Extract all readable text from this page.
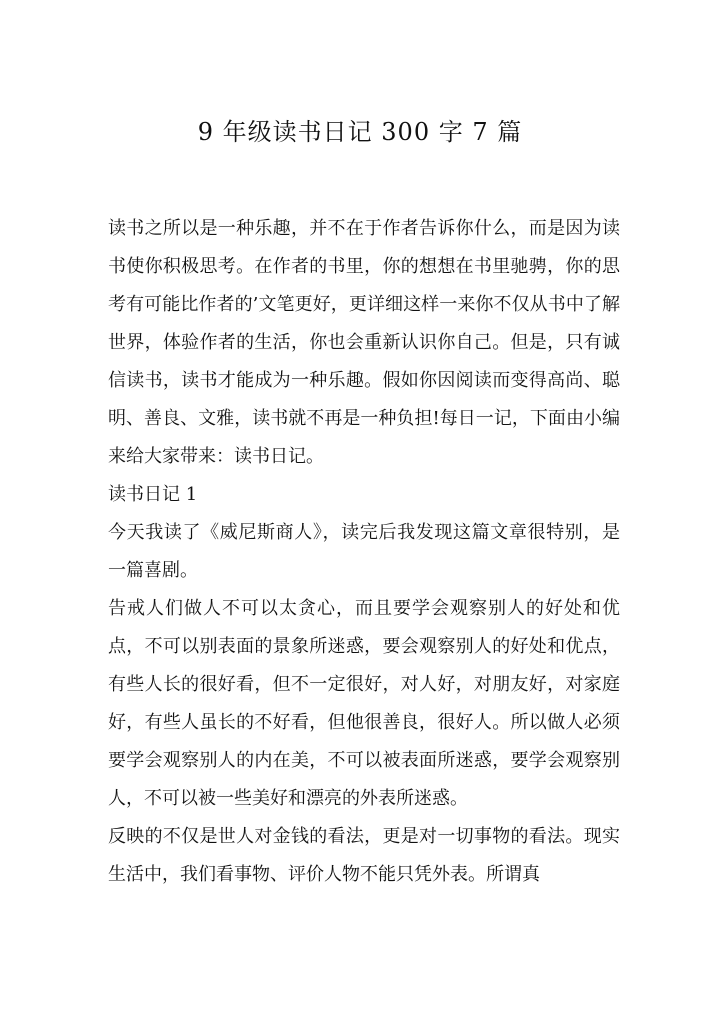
9 年级读书日记 300 字 7 篇

读书之所以是一种乐趣，并不在于作者告诉你什么，而是因为读书使你积极思考。在作者的书里，你的想想在书里驰骋，你的思考有可能比作者的’文笔更好，更详细这样一来你不仅从书中了解世界，体验作者的生活，你也会重新认识你自己。但是，只有诚信读书，读书才能成为一种乐趣。假如你因阅读而变得高尚、聪明、善良、文雅，读书就不再是一种负担!每日一记，下面由小编来给大家带来：读书日记。

读书日记 1

今天我读了《威尼斯商人》，读完后我发现这篇文章很特别，是一篇喜剧。

告戒人们做人不可以太贪心，而且要学会观察别人的好处和优点，不可以别表面的景象所迷惑，要会观察别人的好处和优点，有些人长的很好看，但不一定很好，对人好，对朋友好，对家庭好，有些人虽长的不好看，但他很善良，很好人。所以做人必须要学会观察别人的内在美，不可以被表面所迷惑，要学会观察别人，不可以被一些美好和漂亮的外表所迷惑。

反映的不仅是世人对金钱的看法，更是对一切事物的看法。现实生活中，我们看事物、评价人物不能只凭外表。所谓真
